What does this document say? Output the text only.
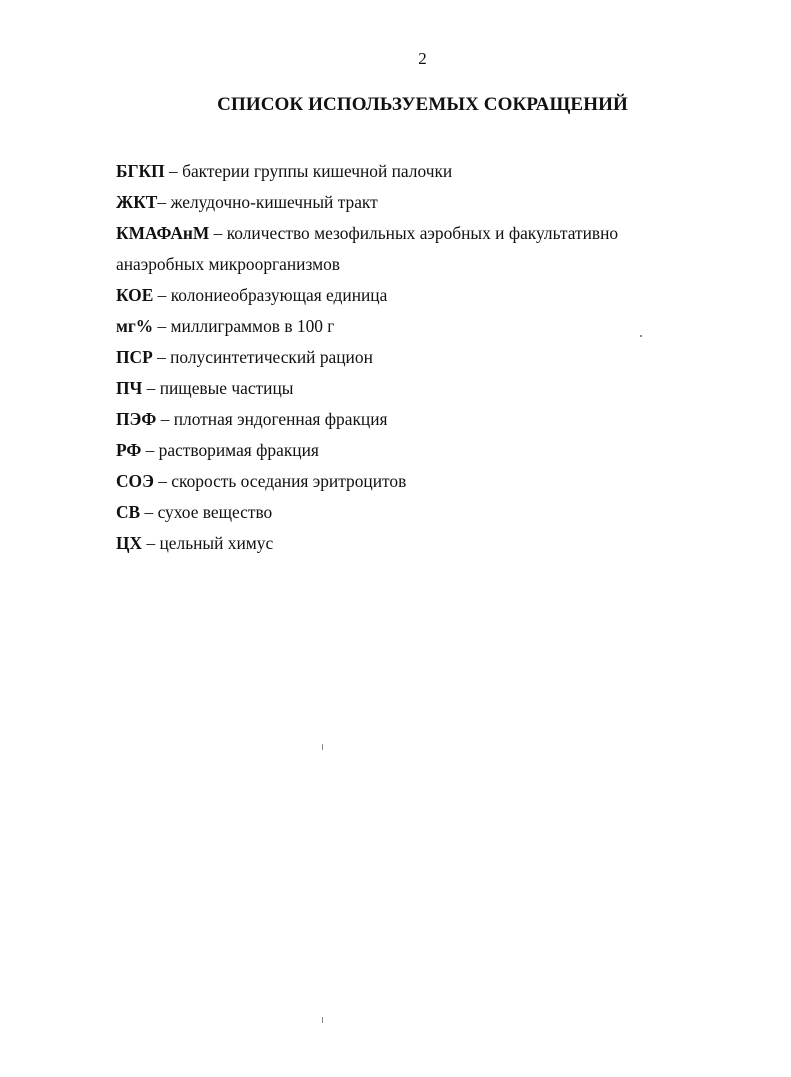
2
СПИСОК ИСПОЛЬЗУЕМЫХ СОКРАЩЕНИЙ
БГКП – бактерии группы кишечной палочки
ЖКТ– желудочно-кишечный тракт
КМАФАнМ – количество мезофильных аэробных и факультативно
анаэробных микроорганизмов
КОЕ – колониеобразующая единица
мг% – миллиграммов в 100 г
ПСР – полусинтетический рацион
ПЧ – пищевые частицы
ПЭФ – плотная эндогенная фракция
РФ – растворимая фракция
СОЭ – скорость оседания эритроцитов
СВ – сухое вещество
ЦХ – цельный химус
